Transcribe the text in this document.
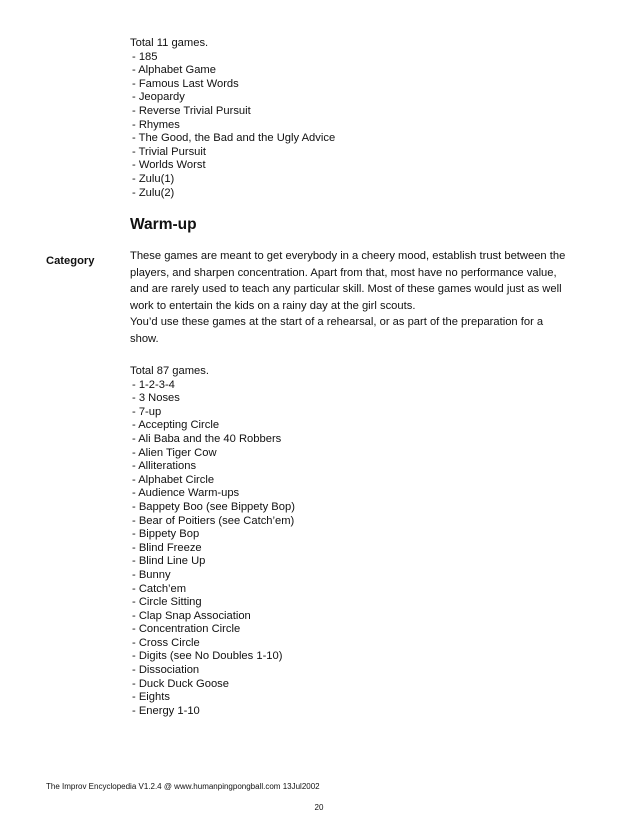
Total 11 games.
- 185
- Alphabet Game
- Famous Last Words
- Jeopardy
- Reverse Trivial Pursuit
- Rhymes
- The Good, the Bad and the Ugly Advice
- Trivial Pursuit
- Worlds Worst
- Zulu(1)
- Zulu(2)
Warm-up
Category	These games are meant to get everybody in a cheery mood, establish trust between the players, and sharpen concentration. Apart from that, most have no performance value, and are rarely used to teach any particular skill. Most of these games would just as well work to entertain the kids on a rainy day at the girl scouts.

You’d use these games at the start of a rehearsal, or as part of the preparation for a show.

Total 87 games.
- 1-2-3-4
- 3 Noses
- 7-up
- Accepting Circle
- Ali Baba and the 40 Robbers
- Alien Tiger Cow
- Alliterations
- Alphabet Circle
- Audience Warm-ups
- Bappety Boo (see Bippety Bop)
- Bear of Poitiers (see Catch’em)
- Bippety Bop
- Blind Freeze
- Blind Line Up
- Bunny
- Catch’em
- Circle Sitting
- Clap Snap Association
- Concentration Circle
- Cross Circle
- Digits (see No Doubles 1-10)
- Dissociation
- Duck Duck Goose
- Eights
- Energy 1-10
The Improv Encyclopedia V1.2.4 @ www.humanpingpongball.com 13Jul2002
20
